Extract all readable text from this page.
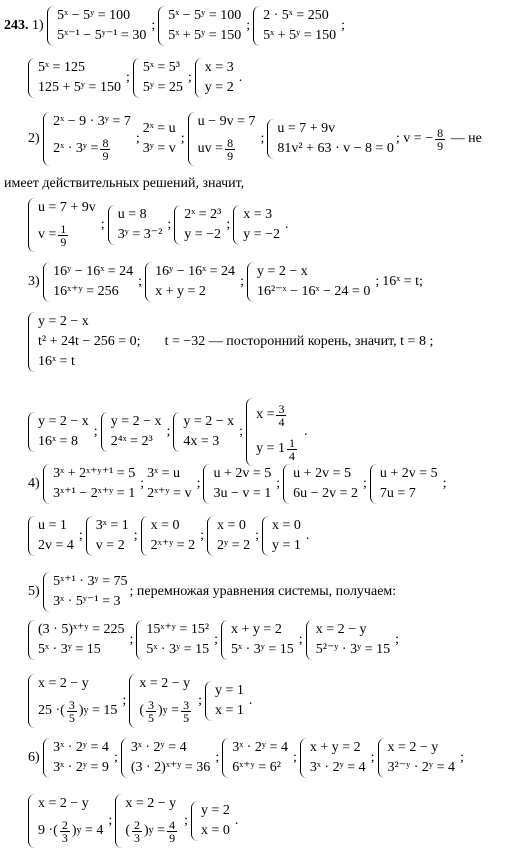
243.
1)

5ˣ − 5ʸ = 100
5ˣ⁻¹ − 5ʸ⁻¹ = 30
;
5ˣ − 5ʸ = 100
5ˣ + 5ʸ = 150
;
2 · 5ˣ = 250
5ˣ + 5ʸ = 150
;
5ˣ = 125
125 + 5ʸ = 150
;
5ˣ = 5³
5ʸ = 25
;
x = 3
y = 2
.
2)

2ˣ − 9 · 3ʸ = 7
2ˣ · 3ʸ = $\frac{8}{9}$ ;
2ˣ = u
3ʸ = v
;
u − 9v = 7
uv = $\frac{8}{9}$ ;
u = 7 + 9v
81v² + 63 · v − 8 = 0
; v = − $\frac{8}{9}$
— не
имеет действительных решений, значит,
u = 7 + 9v
$v = \frac{1}{9}$ ;
u = 8
3ʸ = 3⁻²
;
2ˣ = 2³
y = −2
;
x = 3
y = −2
.
3)

16ʸ − 16ˣ = 24
16ˣ⁺ʸ = 256
;
16ʸ − 16ˣ = 24
x + y = 2
;
y = 2 − x
16²⁻ˣ − 16ˣ − 24 = 0
; 16ˣ = t;
y = 2 − x
t² + 24t − 256 = 0;
16ˣ = t
t = −32 — посторонний корень, значит,
t = 8 ;
y = 2 − x
16ˣ = 8
;
y = 2 − x
2⁴ˣ = 2³
;
y = 2 − x
4x = 3
;
$x = \frac{3}{4}$
$y = 1 \frac{1}{4}$
.
4)

3ˣ + 2ˣ⁺ʸ⁺¹ = 5
3ˣ⁺¹ − 2ˣ⁺ʸ = 1
;
3ˣ = u
2ˣ⁺ʸ = v
;
u + 2v = 5
3u − v = 1
;
u + 2v = 5
6u − 2v = 2
;
u + 2v = 5
7u = 7
;
u = 1
2v = 4
;
3ˣ = 1
v = 2
;
x = 0
2ˣ⁺ʸ = 2
;
x = 0
2ʸ = 2
;
x = 0
y = 1
.
5)

5ˣ⁺¹ · 3ʸ = 75
3ˣ · 5ʸ⁻¹ = 3
; перемножая уравнения системы, получаем:
(3 · 5)ˣ⁺ʸ = 225
5ˣ · 3ʸ = 15
;
15ˣ⁺ʸ = 15²
5ˣ · 3ʸ = 15
;
x + y = 2
5ˣ · 3ʸ = 15
;
x = 2 − y
5²⁻ʸ · 3ʸ = 15
;
x = 2 − y
25 · ( $\frac{3}{5}$ ) y
= 15
;
x = 2 − y
( $\frac{3}{5}$ ) y
= $\frac{3}{5}$ ;
y = 1
x = 1
.
6)

3ˣ · 2ʸ = 4
3ˣ · 2ʸ = 9
;
3ˣ · 2ʸ = 4
(3 · 2)ˣ⁺ʸ = 36
;
3ˣ · 2ʸ = 4
6ˣ⁺ʸ = 6²
;
x + y = 2
3ˣ · 2ʸ = 4
;
x = 2 − y
3²⁻ʸ · 2ʸ = 4
;
x = 2 − y
9 · ( $\frac{2}{3}$ ) y
= 4
;
x = 2 − y
( $\frac{2}{3}$ ) y
= $\frac{4}{9}$ ;
y = 2
x = 0
.
